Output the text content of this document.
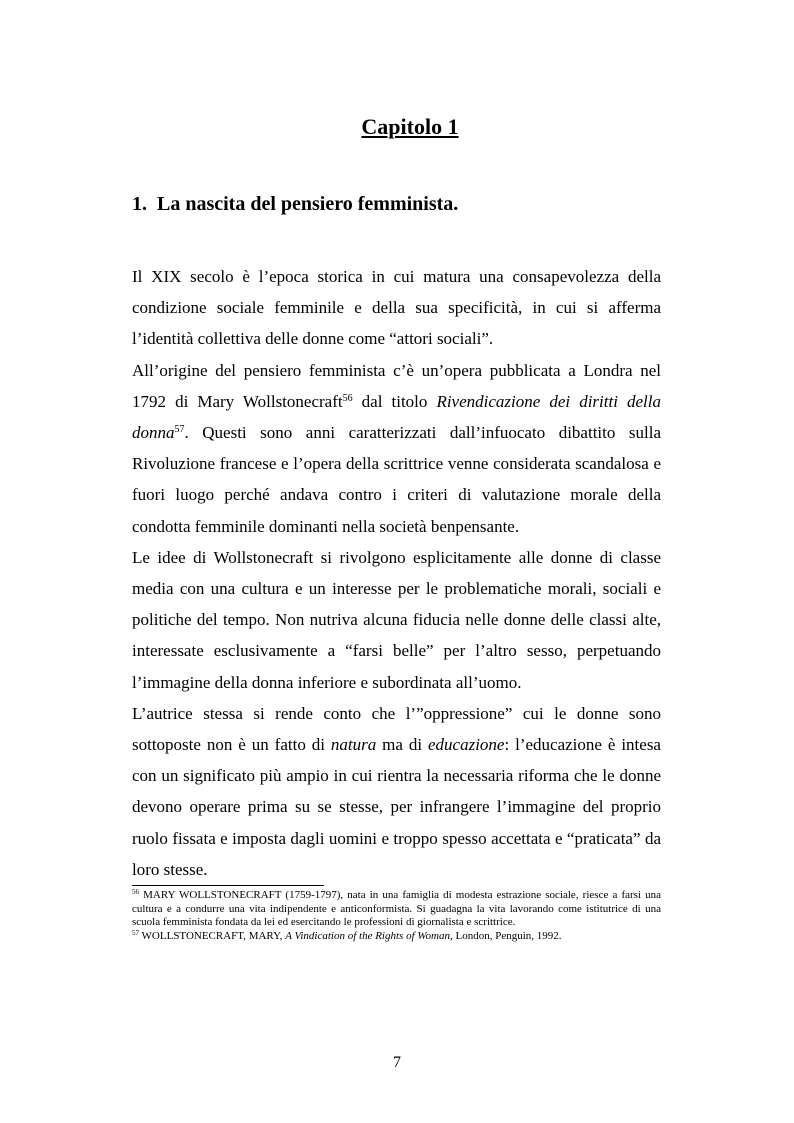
Capitolo 1
1. La nascita del pensiero femminista.

Il XIX secolo è l’epoca storica in cui matura una consapevolezza della condizione sociale femminile e della sua specificità, in cui si afferma l’identità collettiva delle donne come “attori sociali”.

All’origine del pensiero femminista c’è un’opera pubblicata a Londra nel 1792 di Mary Wollstonecraft$^{56}$ dal titolo Rivendicazione dei diritti della donna$^{57}$. Questi sono anni caratterizzati dall’infuocato dibattito sulla Rivoluzione francese e l’opera della scrittrice venne considerata scandalosa e fuori luogo perché andava contro i criteri di valutazione morale della condotta femminile dominanti nella società benpensante.

Le idee di Wollstonecraft si rivolgono esplicitamente alle donne di classe media con una cultura e un interesse per le problematiche morali, sociali e politiche del tempo. Non nutriva alcuna fiducia nelle donne delle classi alte, interessate esclusivamente a “farsi belle” per l’altro sesso, perpetuando l’immagine della donna inferiore e subordinata all’uomo.

L’autrice stessa si rende conto che l’”oppressione” cui le donne sono sottoposte non è un fatto di natura ma di educazione: l’educazione è intesa con un significato più ampio in cui rientra la necessaria riforma che le donne devono operare prima su se stesse, per infrangere l’immagine del proprio ruolo fissata e imposta dagli uomini e troppo spesso accettata e “praticata” da loro stesse.

$^{56}$ MARY WOLLSTONECRAFT (1759-1797), nata in una famiglia di modesta estrazione sociale, riesce a farsi una cultura e a condurre una vita indipendente e anticonformista. Si guadagna la vita lavorando come istitutrice di una scuola femminista fondata da lei ed esercitando le professioni di giornalista e scrittrice.

$^{57}$ WOLLSTONECRAFT, MARY, A Vindication of the Rights of Woman, London, Penguin, 1992.

7
